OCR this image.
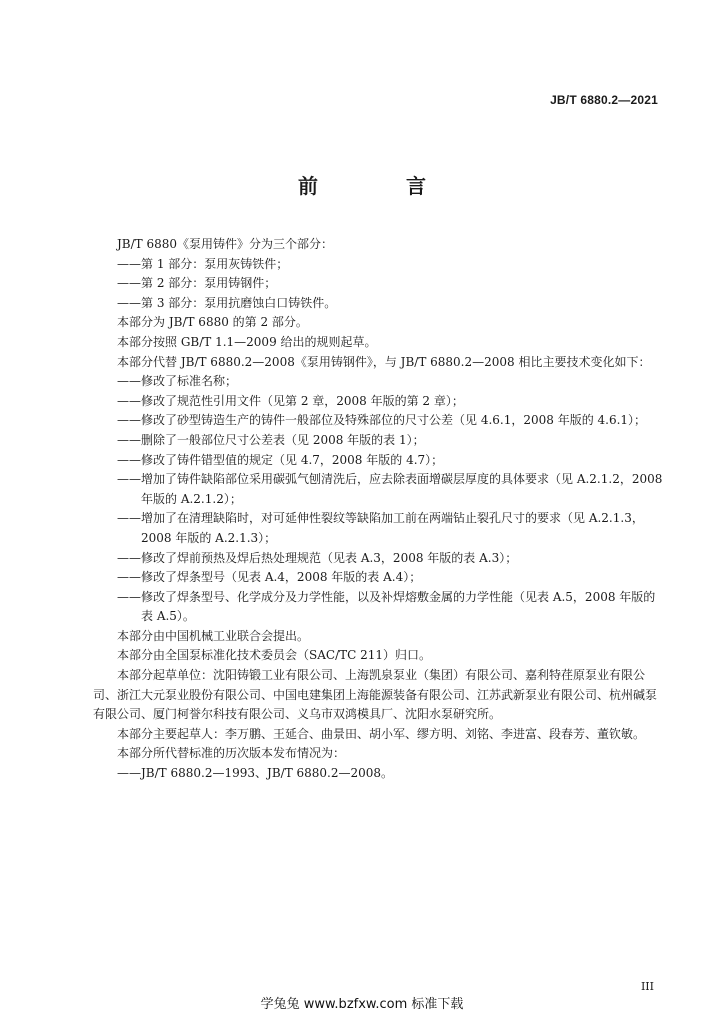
JB/T 6880.2—2021

前　言

JB/T 6880《泵用铸件》分为三个部分：

——第 1 部分：泵用灰铸铁件；

——第 2 部分：泵用铸钢件；

——第 3 部分：泵用抗磨蚀白口铸铁件。

本部分为 JB/T 6880 的第 2 部分。

本部分按照 GB/T 1.1—2009 给出的规则起草。

本部分代替 JB/T 6880.2—2008《泵用铸钢件》，与 JB/T 6880.2—2008 相比主要技术变化如下：

——修改了标准名称；

——修改了规范性引用文件（见第 2 章，2008 年版的第 2 章）；

——修改了砂型铸造生产的铸件一般部位及特殊部位的尺寸公差（见 4.6.1，2008 年版的 4.6.1）；

——删除了一般部位尺寸公差表（见 2008 年版的表 1）；

——修改了铸件错型值的规定（见 4.7，2008 年版的 4.7）；

——增加了铸件缺陷部位采用碳弧气刨清洗后，应去除表面增碳层厚度的具体要求（见 A.2.1.2，2008 年版的 A.2.1.2）；

——增加了在清理缺陷时，对可延伸性裂纹等缺陷加工前在两端钻止裂孔尺寸的要求（见 A.2.1.3，2008 年版的 A.2.1.3）；

——修改了焊前预热及焊后热处理规范（见表 A.3，2008 年版的表 A.3）；

——修改了焊条型号（见表 A.4，2008 年版的表 A.4）；

——修改了焊条型号、化学成分及力学性能，以及补焊熔敷金属的力学性能（见表 A.5，2008 年版的表 A.5）。

本部分由中国机械工业联合会提出。

本部分由全国泵标准化技术委员会（SAC/TC 211）归口。

本部分起草单位：沈阳铸锻工业有限公司、上海凯泉泵业（集团）有限公司、嘉利特荏原泵业有限公司、浙江大元泵业股份有限公司、中国电建集团上海能源装备有限公司、江苏武新泵业有限公司、杭州碱泵有限公司、厦门柯誉尔科技有限公司、义乌市双鸿模具厂、沈阳水泵研究所。

本部分主要起草人：李万鹏、王延合、曲景田、胡小军、缪方明、刘铭、李进富、段春芳、董钦敏。

本部分所代替标准的历次版本发布情况为：

——JB/T 6880.2—1993、JB/T 6880.2—2008。

III

学兔兔 www.bzfxw.com 标准下载
